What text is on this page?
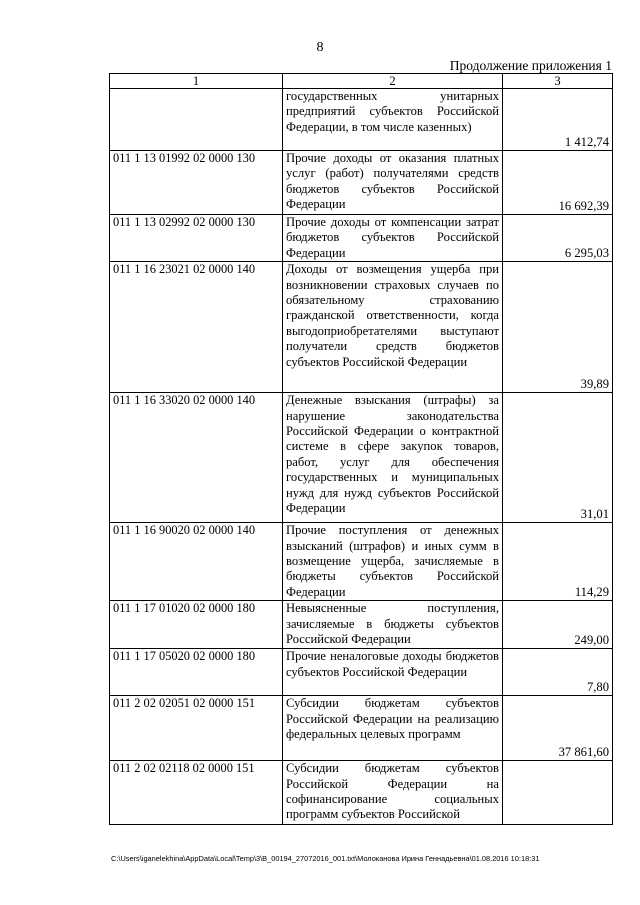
8
Продолжение приложения 1
1	2	3
	государственных унитарных предприятий субъектов Российской Федерации, в том числе казенных)	1 412,74
011 1 13 01992 02 0000 130	Прочие доходы от оказания платных услуг (работ) получателями средств бюджетов субъектов Российской Федерации	16 692,39
011 1 13 02992 02 0000 130	Прочие доходы от компенсации затрат бюджетов субъектов Российской Федерации	6 295,03
011 1 16 23021 02 0000 140	Доходы от возмещения ущерба при возникновении страховых случаев по обязательному страхованию гражданской ответственности, когда выгодоприобретателями выступают получатели средств бюджетов субъектов Российской Федерации	39,89
011 1 16 33020 02 0000 140	Денежные взыскания (штрафы) за нарушение законодательства Российской Федерации о контрактной системе в сфере закупок товаров, работ, услуг для обеспечения государственных и муниципальных нужд для нужд субъектов Российской Федерации	31,01
011 1 16 90020 02 0000 140	Прочие поступления от денежных взысканий (штрафов) и иных сумм в возмещение ущерба, зачисляемые в бюджеты субъектов Российской Федерации	114,29
011 1 17 01020 02 0000 180	Невыясненные поступления, зачисляемые в бюджеты субъектов Российской Федерации	249,00
011 1 17 05020 02 0000 180	Прочие неналоговые доходы бюджетов субъектов Российской Федерации	7,80
011 2 02 02051 02 0000 151	Субсидии бюджетам субъектов Российской Федерации на реализацию федеральных целевых программ	37 861,60
011 2 02 02118 02 0000 151	Субсидии бюджетам субъектов Российской Федерации на софинансирование социальных программ субъектов Российской	
C:\Users\iganelekhina\AppData\Local\Temp\3\B_00194_27072016_001.txt\Молоканова Ирина Геннадьевна\01.08.2016 10:18:31
